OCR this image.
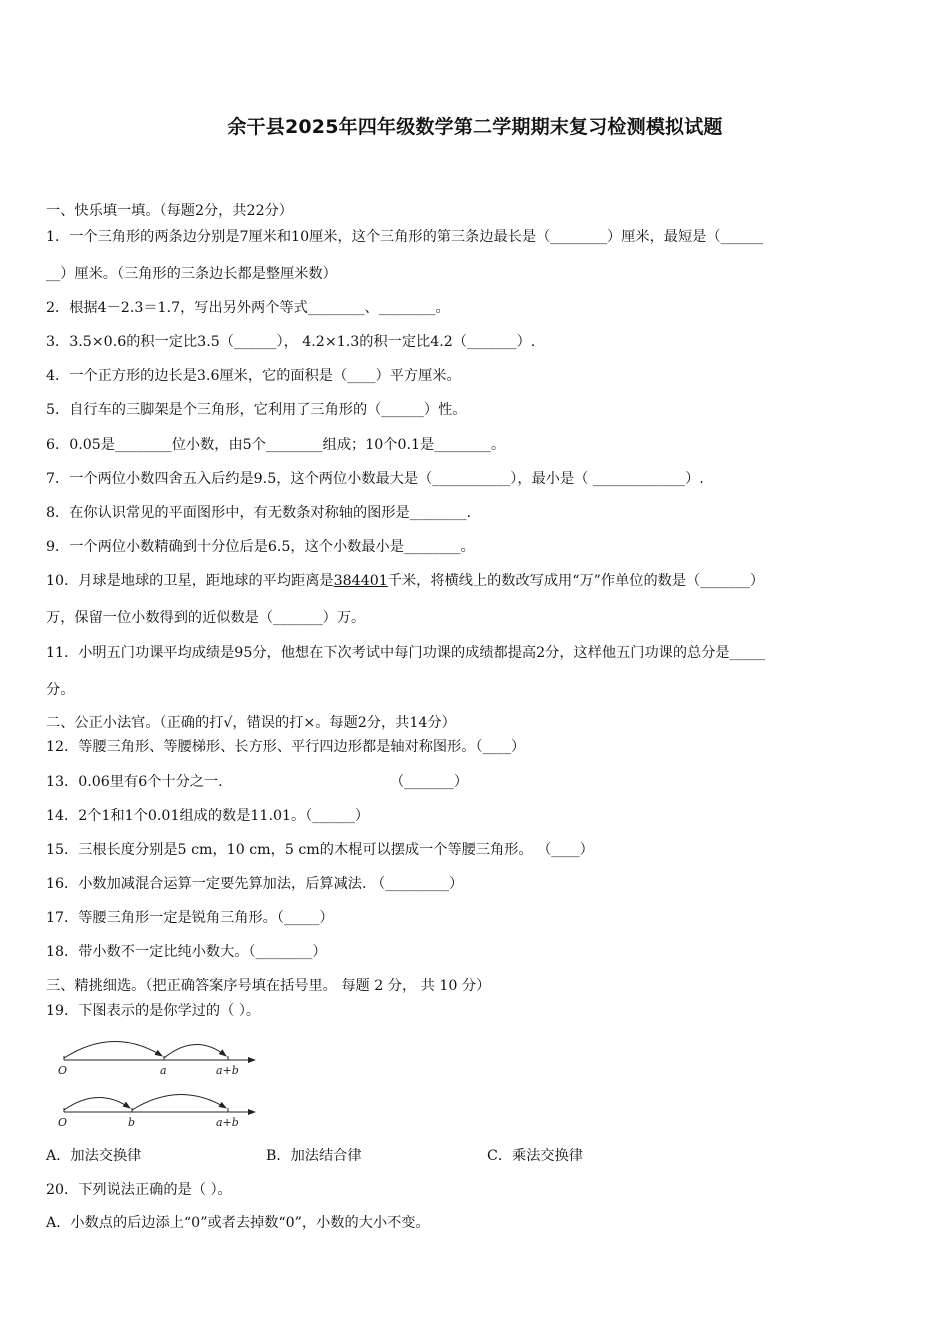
余干县2025年四年级数学第二学期期末复习检测模拟试题
一、快乐填一填。（每题2分，共22分）
1．一个三角形的两条边分别是7厘米和10厘米，这个三角形的第三条边最长是（________）厘米，最短是（______
__）厘米。（三角形的三条边长都是整厘米数）
2．根据4－2.3＝1.7，写出另外两个等式________、________。
3．3.5×0.6的积一定比3.5（______）， 4.2×1.3的积一定比4.2（_______）.
4．一个正方形的边长是3.6厘米，它的面积是（____）平方厘米。
5．自行车的三脚架是个三角形，它利用了三角形的（______）性。
6．0.05是________位小数，由5个________组成；10个0.1是________。
7．一个两位小数四舍五入后约是9.5，这个两位小数最大是（___________），最小是（ _____________）.
8．在你认识常见的平面图形中，有无数条对称轴的图形是________.
9．一个两位小数精确到十分位后是6.5，这个小数最小是________。
10．月球是地球的卫星，距地球的平均距离是384401千米，将横线上的数改写成用“万”作单位的数是（_______）
万，保留一位小数得到的近似数是（_______）万。
11．小明五门功课平均成绩是95分，他想在下次考试中每门功课的成绩都提高2分，这样他五门功课的总分是_____
分。
二、公正小法官。（正确的打√，错误的打×。每题2分，共14分）
12．等腰三角形、等腰梯形、长方形、平行四边形都是轴对称图形。（____）
13．0.06里有6个十分之一.	（_______）
14．2个1和1个0.01组成的数是11.01。（______）
15．三根长度分别是5 cm，10 cm，5 cm的木棍可以摆成一个等腰三角形。 （____）
16．小数加减混合运算一定要先算加法，后算减法. （_________）
17．等腰三角形一定是锐角三角形。（_____）
18．带小数不一定比纯小数大。（________）
三、精挑细选。（把正确答案序号填在括号里。 每题 2 分， 共 10 分）
19．下图表示的是你学过的（ ）。
O	a	a+b
O	b	a+b
A．加法交换律	B．加法结合律	C．乘法交换律
20．下列说法正确的是（ ）。
A．小数点的后边添上“0”或者去掉数“0”，小数的大小不变。
